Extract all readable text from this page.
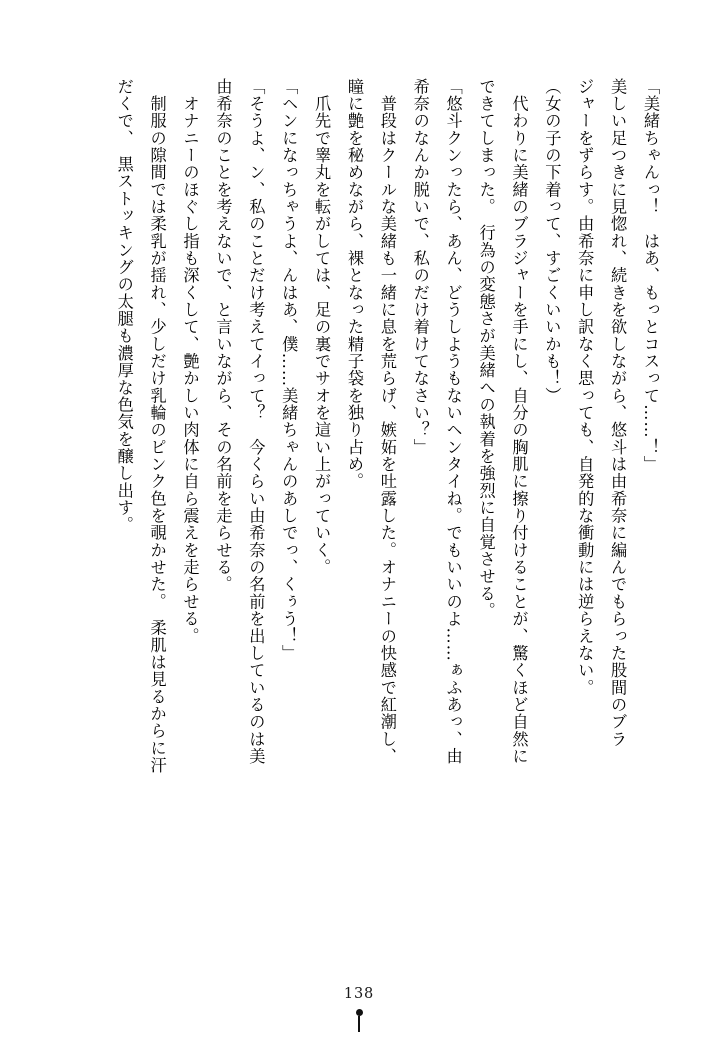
「美緒ちゃんっ！　はあ、もっとコスって……！」

美しい足つきに見惚れ、続きを欲しながら、悠斗は由希奈に編んでもらった股間のブラ

ジャーをずらす。由希奈に申し訳なく思っても、自発的な衝動には逆らえない。

（女の子の下着って、すごくいいかも！）

　代わりに美緒のブラジャーを手にし、自分の胸肌に擦り付けることが、驚くほど自然に

できてしまった。　行為の変態さが美緒への執着を強烈に自覚させる。

「悠斗クンったら、あん、どうしようもないヘンタイね。でもいいのよ……ぁふあっ、由

希奈のなんか脱いで、私のだけ着けてなさい？」

　普段はクールな美緒も一緒に息を荒らげ、嫉妬を吐露した。オナニーの快感で紅潮し、

瞳に艶を秘めながら、裸となった精子袋を独り占め。

　爪先で睾丸を転がしては、足の裏でサオを這い上がっていく。

「ヘンになっちゃうよ、んはあ、僕……美緒ちゃんのあしでっ、くぅう！」

「そうよ、ン、私のことだけ考えてイって？　今くらい由希奈の名前を出しているのは美

由希奈のことを考えないで、と言いながら、その名前を走らせる。

　オナニーのほぐし指も深くして、艶かしい肉体に自ら震えを走らせる。

　制服の隙間では柔乳が揺れ、少しだけ乳輪のピンク色を覗かせた。　柔肌は見るからに汗

だくで、　黒ストッキングの太腿も濃厚な色気を醸し出す。

138
